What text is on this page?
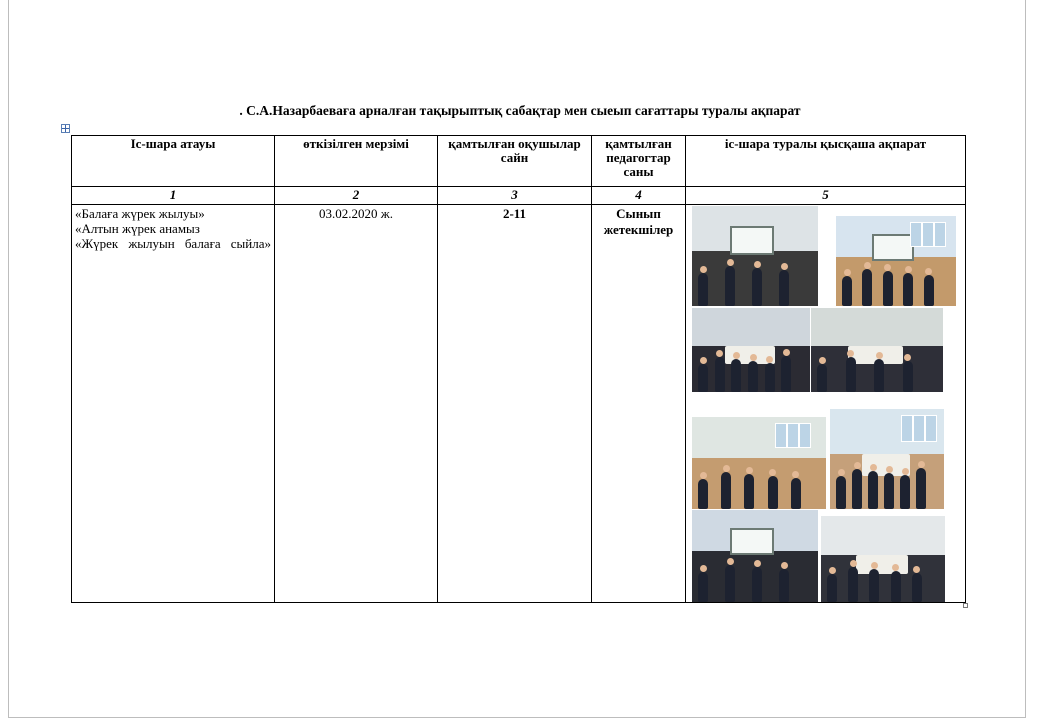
. С.А.Назарбаеваға арналған тақырыптық сабақтар мен сыеып сағаттары туралы ақпарат
Іс-шара атауы	өткізілген мерзімі	қамтылған оқушылар сайн	қамтылған педагогтар саны	іс-шара туралы қысқаша ақпарат
1	2	3	4	5

«Балаға жүрек жылуы»
«Алтын жүрек анамыз
«Жүрек жылуын балаға сыйла»	03.02.2020 ж.	2-11	Сынып жетекшілер	
